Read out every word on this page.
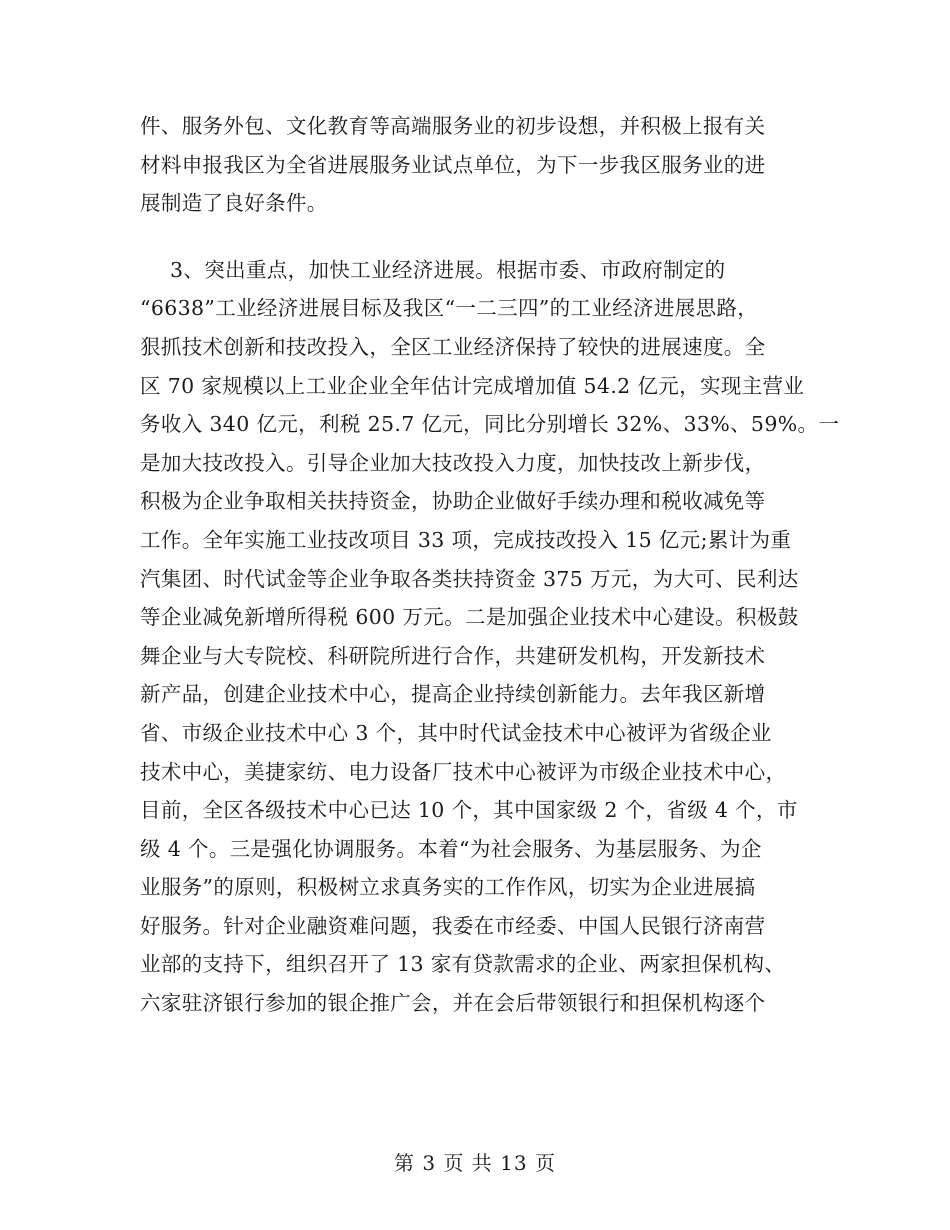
件、服务外包、文化教育等高端服务业的初步设想，并积极上报有关
材料申报我区为全省进展服务业试点单位，为下一步我区服务业的进
展制造了良好条件。
3、突出重点，加快工业经济进展。根据市委、市政府制定的
“6638”工业经济进展目标及我区“一二三四”的工业经济进展思路，
狠抓技术创新和技改投入，全区工业经济保持了较快的进展速度。全
区 70 家规模以上工业企业全年估计完成增加值 54.2 亿元，实现主营业
务收入 340 亿元，利税 25.7 亿元，同比分别增长 32%、33%、59%。一
是加大技改投入。引导企业加大技改投入力度，加快技改上新步伐，
积极为企业争取相关扶持资金，协助企业做好手续办理和税收减免等
工作。全年实施工业技改项目 33 项，完成技改投入 15 亿元;累计为重
汽集团、时代试金等企业争取各类扶持资金 375 万元，为大可、民利达
等企业减免新增所得税 600 万元。二是加强企业技术中心建设。积极鼓
舞企业与大专院校、科研院所进行合作，共建研发机构，开发新技术
新产品，创建企业技术中心，提高企业持续创新能力。去年我区新增
省、市级企业技术中心 3 个，其中时代试金技术中心被评为省级企业
技术中心，美捷家纺、电力设备厂技术中心被评为市级企业技术中心，
目前，全区各级技术中心已达 10 个，其中国家级 2 个，省级 4 个，市
级 4 个。三是强化协调服务。本着“为社会服务、为基层服务、为企
业服务”的原则，积极树立求真务实的工作作风，切实为企业进展搞
好服务。针对企业融资难问题，我委在市经委、中国人民银行济南营
业部的支持下，组织召开了 13 家有贷款需求的企业、两家担保机构、
六家驻济银行参加的银企推广会，并在会后带领银行和担保机构逐个
第 3 页 共 13 页
